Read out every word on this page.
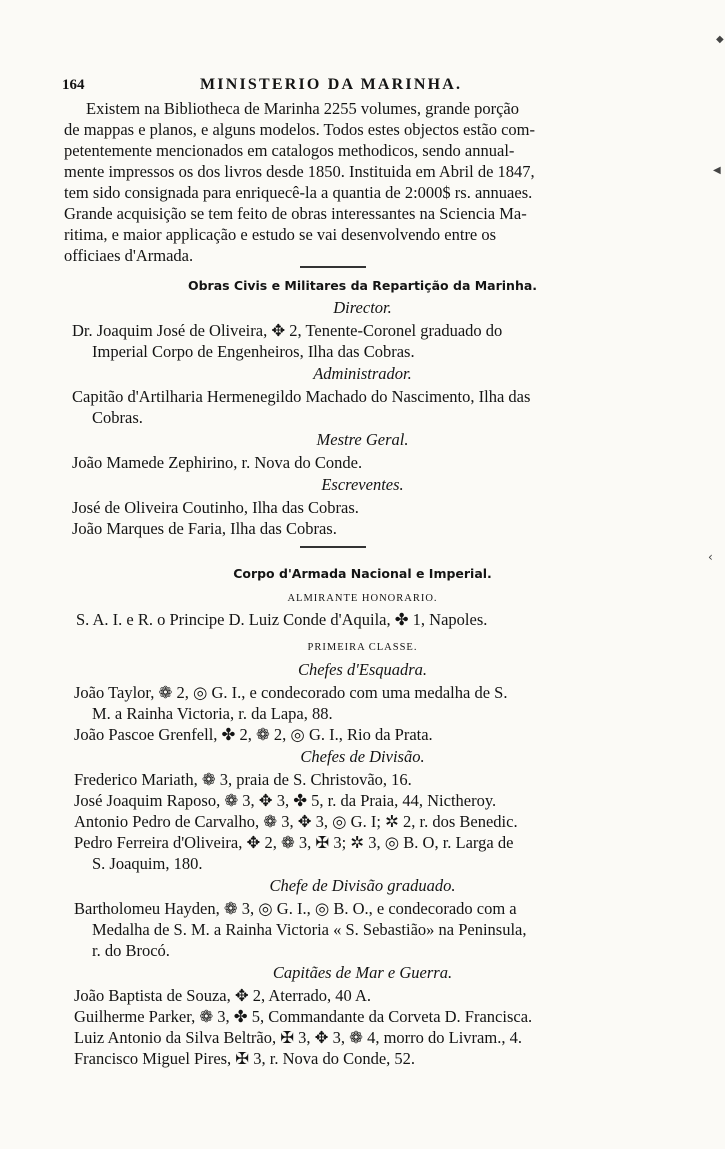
164	MINISTERIO DA MARINHA.
Existem na Bibliotheca de Marinha 2255 volumes, grande porção
de mappas e planos, e alguns modelos. Todos estes objectos estão com-
petentemente mencionados em catalogos methodicos, sendo annual-
mente impressos os dos livros desde 1850. Instituida em Abril de 1847,
tem sido consignada para enriquecê-la a quantia de 2:000$ rs. annuaes.
Grande acquisição se tem feito de obras interessantes na Sciencia Ma-
ritima, e maior applicação e estudo se vai desenvolvendo entre os
officiaes d'Armada.
Obras Civis e Militares da Repartição da Marinha.
Director.
Dr. Joaquim José de Oliveira, ✥ 2, Tenente-Coronel graduado do
Imperial Corpo de Engenheiros, Ilha das Cobras.
Administrador.
Capitão d'Artilharia Hermenegildo Machado do Nascimento, Ilha das
Cobras.
Mestre Geral.
João Mamede Zephirino, r. Nova do Conde.
Escreventes.
José de Oliveira Coutinho, Ilha das Cobras.
João Marques de Faria, Ilha das Cobras.
Corpo d'Armada Nacional e Imperial.
ALMIRANTE HONORARIO.
S. A. I. e R. o Principe D. Luiz Conde d'Aquila, ✤ 1, Napoles.
PRIMEIRA CLASSE.
Chefes d'Esquadra.
João Taylor, ❁ 2, ◎ G. I., e condecorado com uma medalha de S.
M. a Rainha Victoria, r. da Lapa, 88.
João Pascoe Grenfell, ✤ 2, ❁ 2, ◎ G. I., Rio da Prata.
Chefes de Divisão.
Frederico Mariath, ❁ 3, praia de S. Christovão, 16.
José Joaquim Raposo, ❁ 3, ✥ 3, ✤ 5, r. da Praia, 44, Nictheroy.
Antonio Pedro de Carvalho, ❁ 3, ✥ 3, ◎ G. I; ✲ 2, r. dos Benedic.
Pedro Ferreira d'Oliveira, ✥ 2, ❁ 3, ✠ 3; ✲ 3, ◎ B. O, r. Larga de
S. Joaquim, 180.
Chefe de Divisão graduado.
Bartholomeu Hayden, ❁ 3, ◎ G. I., ◎ B. O., e condecorado com a
Medalha de S. M. a Rainha Victoria « S. Sebastião» na Peninsula,
r. do Brocó.
Capitães de Mar e Guerra.
João Baptista de Souza, ✥ 2, Aterrado, 40 A.
Guilherme Parker, ❁ 3, ✤ 5, Commandante da Corveta D. Francisca.
Luiz Antonio da Silva Beltrão, ✠ 3, ✥ 3, ❁ 4, morro do Livram., 4.
Francisco Miguel Pires, ✠ 3, r. Nova do Conde, 52.
◆
◀
‹
